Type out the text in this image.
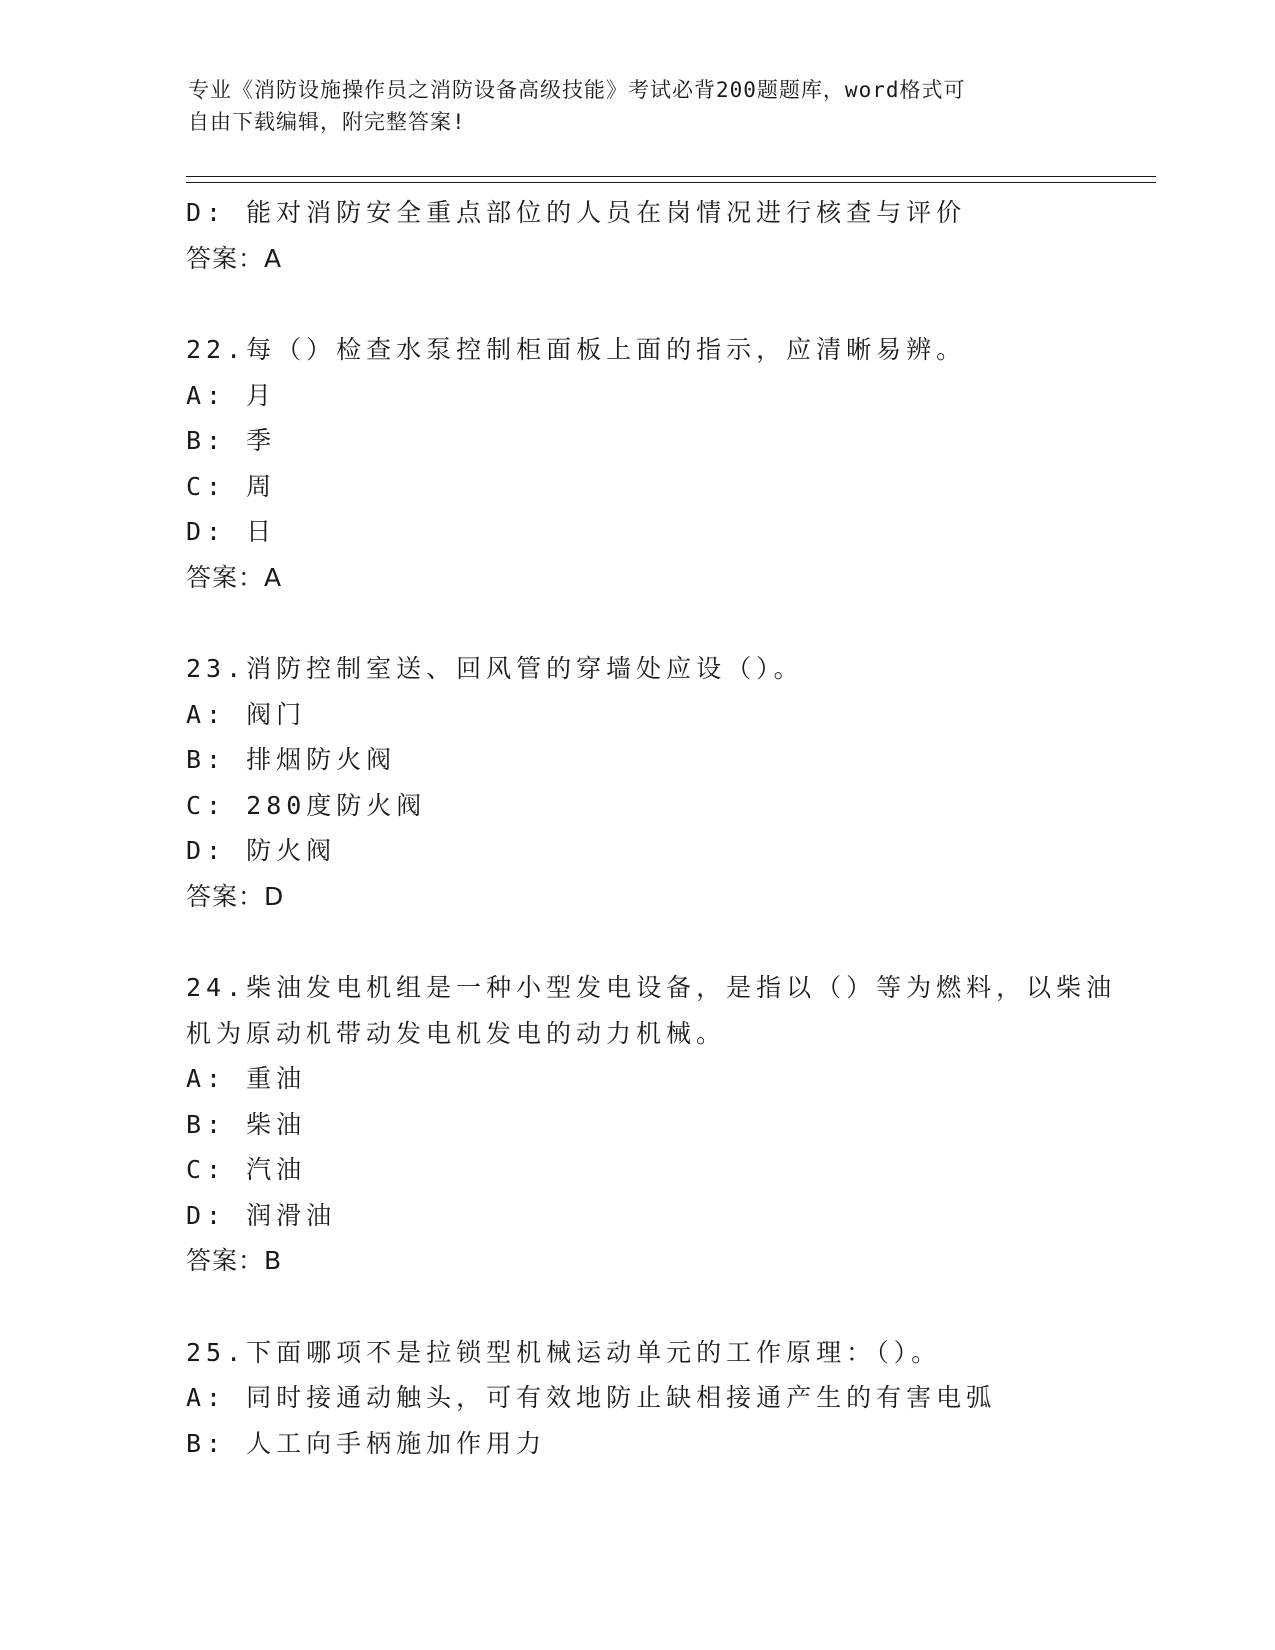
专业《消防设施操作员之消防设备高级技能》考试必背200题题库，word格式可
自由下载编辑，附完整答案!
D: 能对消防安全重点部位的人员在岗情况进行核查与评价
答案：A
22.每（）检查水泵控制柜面板上面的指示，应清晰易辨。
A: 月
B: 季
C: 周
D: 日
答案：A
23.消防控制室送、回风管的穿墙处应设（）。
A: 阀门
B: 排烟防火阀
C: 280度防火阀
D: 防火阀
答案：D
24.柴油发电机组是一种小型发电设备，是指以（）等为燃料，以柴油
机为原动机带动发电机发电的动力机械。
A: 重油
B: 柴油
C: 汽油
D: 润滑油
答案：B
25.下面哪项不是拉锁型机械运动单元的工作原理：（）。
A: 同时接通动触头，可有效地防止缺相接通产生的有害电弧
B: 人工向手柄施加作用力
